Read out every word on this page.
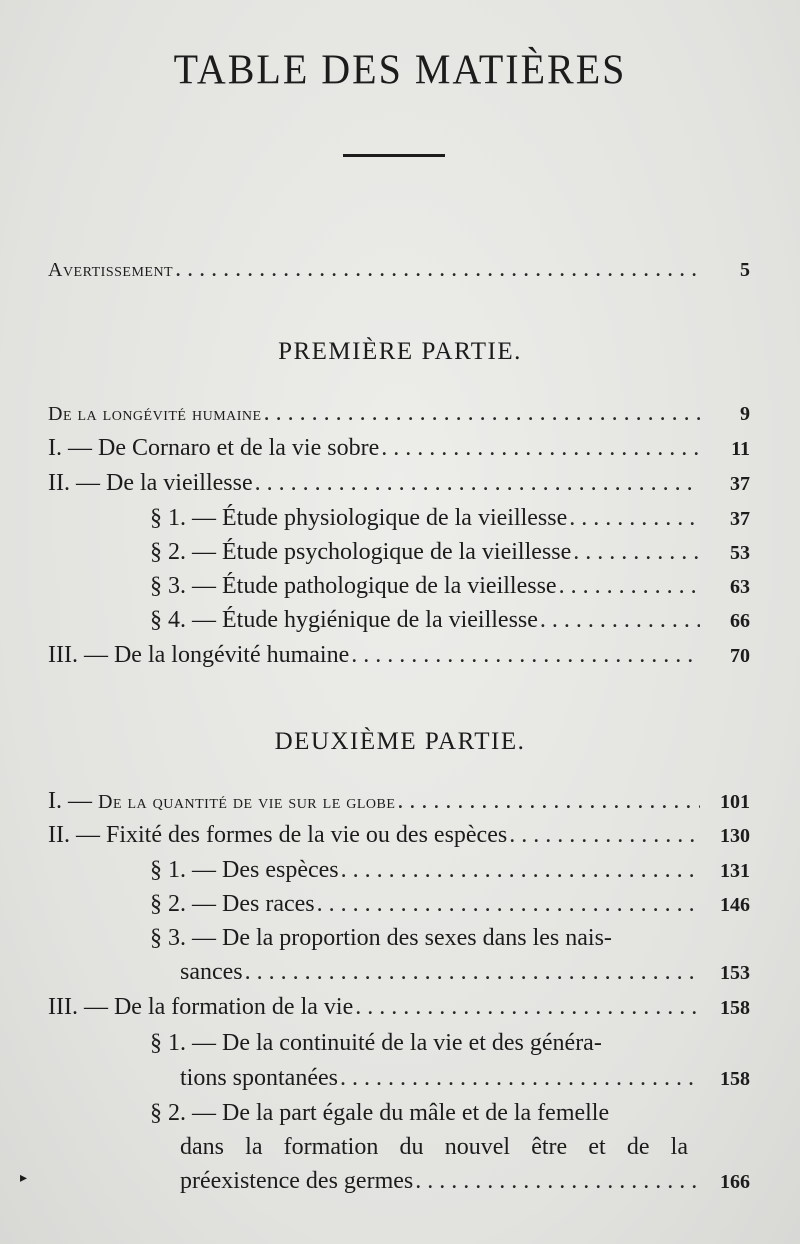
TABLE DES MATIÈRES
Avertissement . . .	5
PREMIÈRE PARTIE.
De la longévité humaine . . .	9
I. — De Cornaro et de la vie sobre . . .	11
II. — De la vieillesse . . .	37
§ 1. — Étude physiologique de la vieillesse . . .	37
§ 2. — Étude psychologique de la vieillesse . . .	53
§ 3. — Étude pathologique de la vieillesse . . .	63
§ 4. — Étude hygiénique de la vieillesse . . .	66
III. — De la longévité humaine . . .	70
DEUXIÈME PARTIE.
I. — De la quantité de vie sur le globe . . .	101
II. — Fixité des formes de la vie ou des espèces . . .	130
§ 1. — Des espèces . . .	131
§ 2. — Des races . . .	146
§ 3. — De la proportion des sexes dans les nais-
sances . . .	153
III. — De la formation de la vie . . .	158
§ 1. — De la continuité de la vie et des généra-
tions spontanées . . .	158
§ 2. — De la part égale du mâle et de la femelle
dans la formation du nouvel être et de la
préexistence des germes . . .	166
▸
